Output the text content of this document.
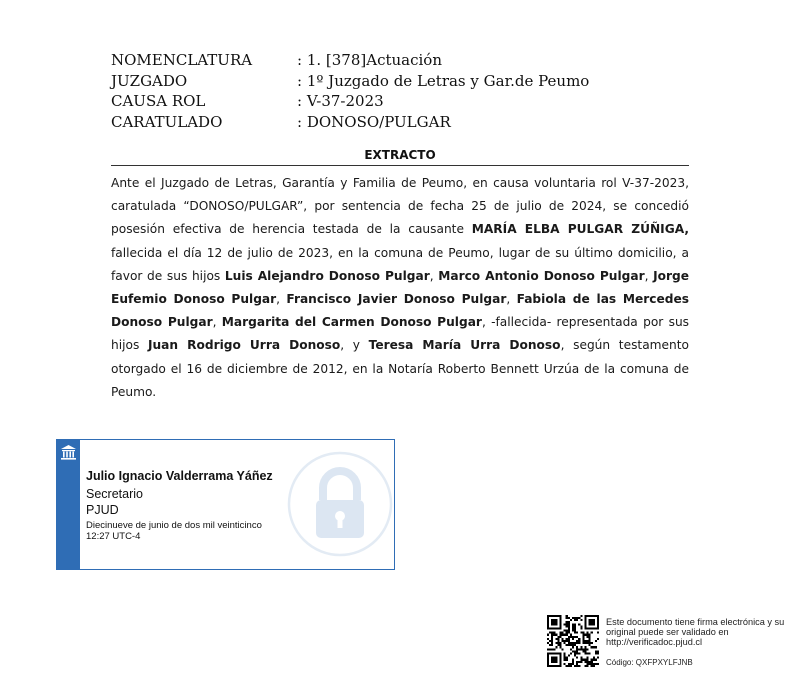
NOMENCLATURA	: 1. [378]Actuación
JUZGADO	: 1º Juzgado de Letras y Gar.de Peumo
CAUSA ROL	: V-37-2023
CARATULADO	: DONOSO/PULGAR
EXTRACTO
Ante el Juzgado de Letras, Garantía y Familia de Peumo, en causa voluntaria rol V-37-2023, caratulada “DONOSO/PULGAR”, por sentencia de fecha 25 de julio de 2024, se concedió posesión efectiva de herencia testada de la causante MARÍA ELBA PULGAR ZÚÑIGA, fallecida el día 12 de julio de 2023, en la comuna de Peumo, lugar de su último domicilio, a favor de sus hijos Luis Alejandro Donoso Pulgar, Marco Antonio Donoso Pulgar, Jorge Eufemio Donoso Pulgar, Francisco Javier Donoso Pulgar, Fabiola de las Mercedes Donoso Pulgar, Margarita del Carmen Donoso Pulgar, -fallecida- representada por sus hijos Juan Rodrigo Urra Donoso, y Teresa María Urra Donoso, según testamento otorgado el 16 de diciembre de 2012, en la Notaría Roberto Bennett Urzúa de la comuna de Peumo.
Julio Ignacio Valderrama Yáñez
Secretario
PJUD
Diecinueve de junio de dos mil veinticinco
12:27 UTC-4
Este documento tiene firma electrónica y su original puede ser validado en http://verificadoc.pjud.cl
Código: QXFPXYLFJNB
